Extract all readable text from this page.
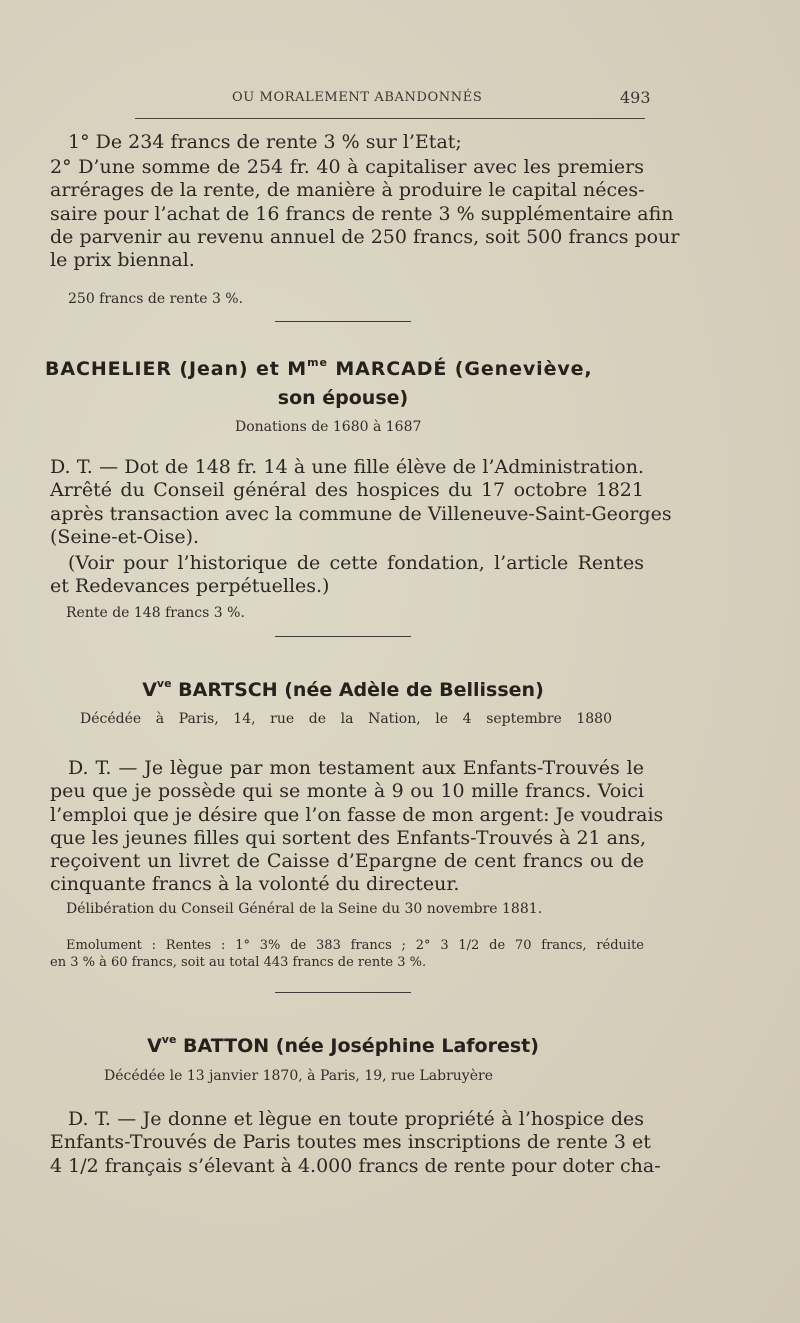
OU MORALEMENT ABANDONNÉS	493

1° De 234 francs de rente 3 % sur l’Etat;

2° D’une somme de 254 fr. 40 à capitaliser avec les premiers
arrérages de la rente, de manière à produire le capital néces-
saire pour l’achat de 16 francs de rente 3 % supplémentaire afin
de parvenir au revenu annuel de 250 francs, soit 500 francs pour
le prix biennal.

250 francs de rente 3 %.

BACHELIER (Jean) et $M^{me}$ MARCADÉ (Geneviève,

son épouse)

Donations de 1680 à 1687

D. T. — Dot de 148 fr. 14 à une fille élève de l’Administration.
Arrêté du Conseil général des hospices du 17 octobre 1821
après transaction avec la commune de Villeneuve-Saint-Georges
(Seine-et-Oise).
(Voir pour l’historique de cette fondation, l’article Rentes
et Redevances perpétuelles.)

Rente de 148 francs 3 %.

$V^{ve}$ BARTSCH (née Adèle de Bellissen)

Décédée à Paris, 14, rue de la Nation, le 4 septembre 1880

D. T. — Je lègue par mon testament aux Enfants-Trouvés le
peu que je possède qui se monte à 9 ou 10 mille francs. Voici
l’emploi que je désire que l’on fasse de mon argent: Je voudrais
que les jeunes filles qui sortent des Enfants-Trouvés à 21 ans,
reçoivent un livret de Caisse d’Epargne de cent francs ou de
cinquante francs à la volonté du directeur.

Délibération du Conseil Général de la Seine du 30 novembre 1881.

Emolument : Rentes : 1° 3% de 383 francs ; 2° 3 1/2 de 70 francs, réduite
en 3 % à 60 francs, soit au total 443 francs de rente 3 %.

$V^{ve}$ BATTON (née Joséphine Laforest)

Décédée le 13 janvier 1870, à Paris, 19, rue Labruyère

D. T. — Je donne et lègue en toute propriété à l’hospice des
Enfants-Trouvés de Paris toutes mes inscriptions de rente 3 et
4 1/2 français s’élevant à 4.000 francs de rente pour doter cha-
